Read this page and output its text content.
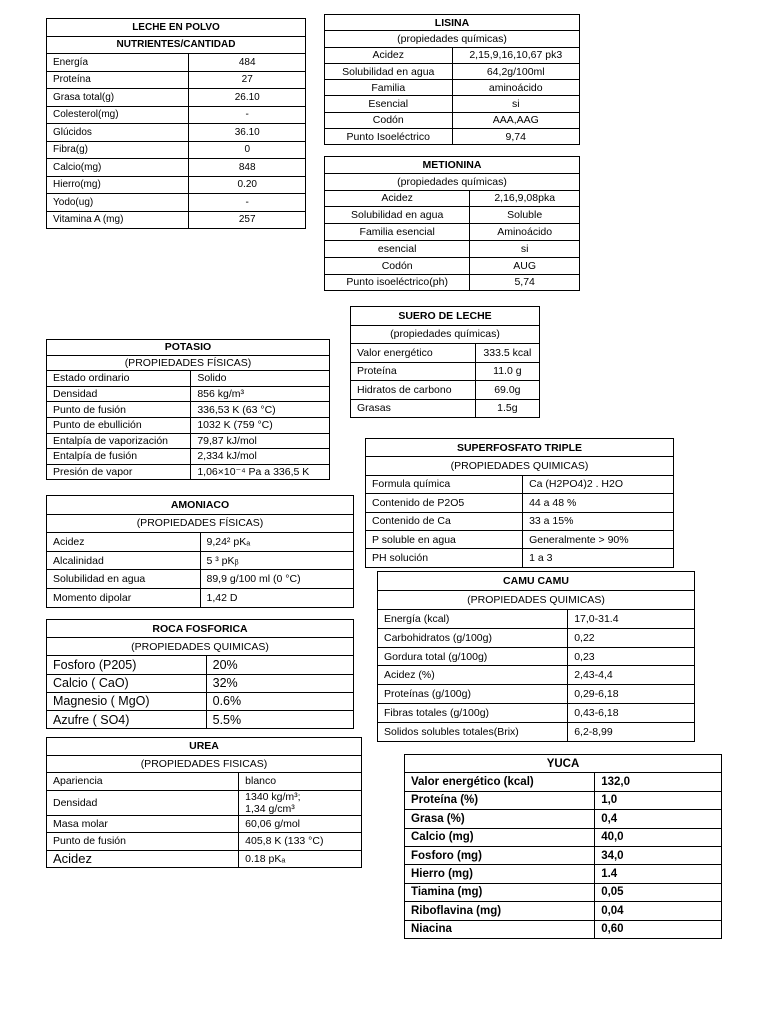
LECHE EN POLVO	
NUTRIENTES/CANTIDAD	
Energía	484
Proteína	27
Grasa total(g)	26.10
Colesterol(mg)	-
Glúcidos	36.10
Fibra(g)	0
Calcio(mg)	848
Hierro(mg)	0.20
Yodo(ug)	-
Vitamina A (mg)	257
LISINA	
(propiedades químicas)	
Acidez	2,15,9,16,10,67 pk3
Solubilidad en agua	64,2g/100ml
Familia	aminoácido
Esencial	si
Codón	AAA,AAG
Punto Isoeléctrico	9,74
METIONINA	
(propiedades químicas)	
Acidez	2,16,9,08pka
Solubilidad en agua	Soluble
Familia esencial	Aminoácido
esencial	si
Codón	AUG
Punto isoeléctrico(ph)	5,74
SUERO DE LECHE	
(propiedades químicas)	
Valor energético	333.5 kcal
Proteína	11.0 g
Hidratos de carbono	69.0g
Grasas	1.5g
POTASIO	
(PROPIEDADES FÍSICAS)	
Estado ordinario	Solido
Densidad	856 kg/m³
Punto de fusión	336,53 K (63 °C)
Punto de ebullición	1032 K (759 °C)
Entalpía de vaporización	79,87 kJ/mol
Entalpía de fusión	2,334 kJ/mol
Presión de vapor	1,06×10⁻⁴ Pa a 336,5 K
SUPERFOSFATO TRIPLE	
(PROPIEDADES QUIMICAS)	
Formula química	Ca (H2PO4)2 . H2O
Contenido de P2O5	44 a 48 %
Contenido de Ca	33 a 15%
P soluble en agua	Generalmente > 90%
PH solución	1 a 3
AMONIACO	
(PROPIEDADES FÍSICAS)	
Acidez	9,24² pKₐ
Alcalinidad	5 ³ pKᵦ
Solubilidad en agua	89,9 g/100 ml (0 °C)
Momento dipolar	1,42 D
CAMU CAMU	
(PROPIEDADES QUIMICAS)	
Energía (kcal)	17,0-31.4
Carbohidratos (g/100g)	0,22
Gordura total (g/100g)	0,23
Acidez (%)	2,43-4,4
Proteínas (g/100g)	0,29-6,18
Fibras totales (g/100g)	0,43-6,18
Solidos solubles totales(Brix)	6,2-8,99
ROCA FOSFORICA	
(PROPIEDADES QUIMICAS)	
Fosforo (P205)	20%
Calcio ( CaO)	32%
Magnesio ( MgO)	0.6%
Azufre ( SO4)	5.5%
UREA	
(PROPIEDADES FISICAS)	
Apariencia	blanco
Densidad	1340 kg/m³;
1,34 g/cm³
Masa molar	60,06 g/mol
Punto de fusión	405,8 K (133 °C)
Acidez	0.18 pKₐ
YUCA	
Valor energético (kcal)	132,0
Proteína (%)	1,0
Grasa (%)	0,4
Calcio (mg)	40,0
Fosforo (mg)	34,0
Hierro (mg)	1.4
Tiamina (mg)	0,05
Riboflavina (mg)	0,04
Niacina	0,60
